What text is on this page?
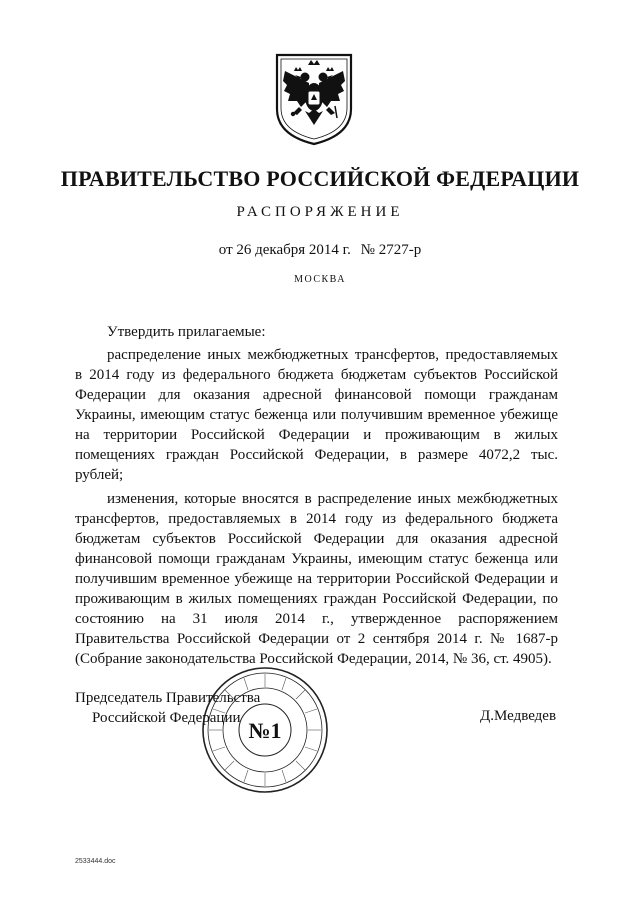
ПРАВИТЕЛЬСТВО РОССИЙСКОЙ ФЕДЕРАЦИИ
РАСПОРЯЖЕНИЕ
от 26 декабря 2014 г. № 2727-р
МОСКВА

Утвердить прилагаемые:

распределение иных межбюджетных трансфертов, предоставляемых в 2014 году из федерального бюджета бюджетам субъектов Российской Федерации для оказания адресной финансовой помощи гражданам Украины, имеющим статус беженца или получившим временное убежище на территории Российской Федерации и проживающим в жилых помещениях граждан Российской Федерации, в размере 4072,2 тыс. рублей;

изменения, которые вносятся в распределение иных межбюджетных трансфертов, предоставляемых в 2014 году из федерального бюджета бюджетам субъектов Российской Федерации для оказания адресной финансовой помощи гражданам Украины, имеющим статус беженца или получившим временное убежище на территории Российской Федерации и проживающим в жилых помещениях граждан Российской Федерации, по состоянию на 31 июля 2014 г., утвержденное распоряжением Правительства Российской Федерации от 2 сентября 2014 г. № 1687-р (Собрание законодательства Российской Федерации, 2014, № 36, ст. 4905).

№1
Председатель Правительства
Российской Федерации	Д.Медведев
2533444.doc
